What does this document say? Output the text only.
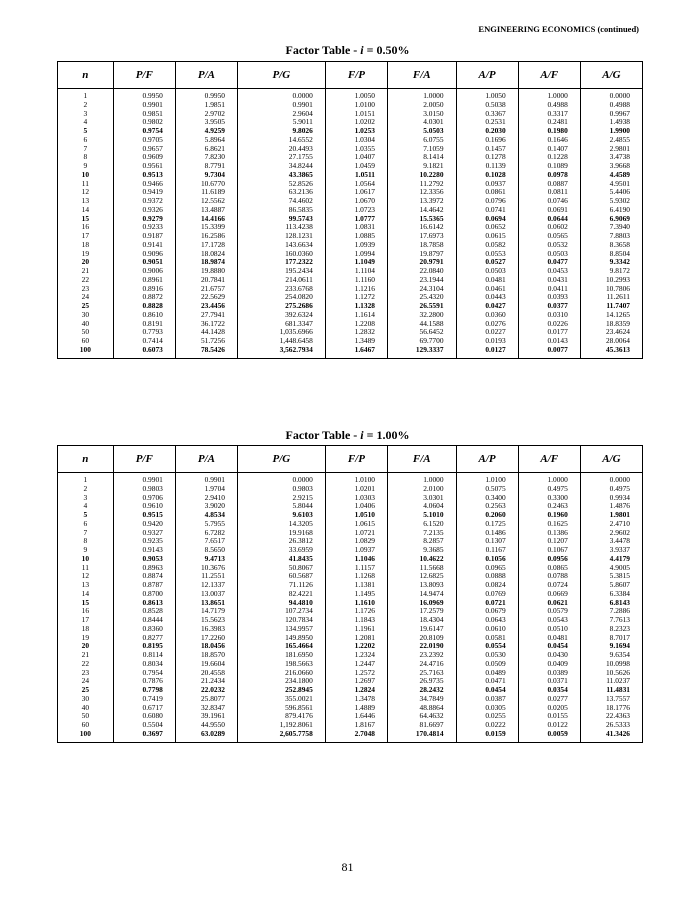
ENGINEERING ECONOMICS (continued)
Factor Table - i = 0.50%
n	P/F	P/A	P/G	F/P	F/A	A/P	A/F	A/G
1	0.9950	0.9950	0.0000	1.0050	1.0000	1.0050	1.0000	0.0000
2	0.9901	1.9851	0.9901	1.0100	2.0050	0.5038	0.4988	0.4988
3	0.9851	2.9702	2.9604	1.0151	3.0150	0.3367	0.3317	0.9967
4	0.9802	3.9505	5.9011	1.0202	4.0301	0.2531	0.2481	1.4938
5	0.9754	4.9259	9.8026	1.0253	5.0503	0.2030	0.1980	1.9900
6	0.9705	5.8964	14.6552	1.0304	6.0755	0.1696	0.1646	2.4855
7	0.9657	6.8621	20.4493	1.0355	7.1059	0.1457	0.1407	2.9801
8	0.9609	7.8230	27.1755	1.0407	8.1414	0.1278	0.1228	3.4738
9	0.9561	8.7791	34.8244	1.0459	9.1821	0.1139	0.1089	3.9668
10	0.9513	9.7304	43.3865	1.0511	10.2280	0.1028	0.0978	4.4589
11	0.9466	10.6770	52.8526	1.0564	11.2792	0.0937	0.0887	4.9501
12	0.9419	11.6189	63.2136	1.0617	12.3356	0.0861	0.0811	5.4406
13	0.9372	12.5562	74.4602	1.0670	13.3972	0.0796	0.0746	5.9302
14	0.9326	13.4887	86.5835	1.0723	14.4642	0.0741	0.0691	6.4190
15	0.9279	14.4166	99.5743	1.0777	15.5365	0.0694	0.0644	6.9069
16	0.9233	15.3399	113.4238	1.0831	16.6142	0.0652	0.0602	7.3940
17	0.9187	16.2586	128.1231	1.0885	17.6973	0.0615	0.0565	7.8803
18	0.9141	17.1728	143.6634	1.0939	18.7858	0.0582	0.0532	8.3658
19	0.9096	18.0824	160.0360	1.0994	19.8797	0.0553	0.0503	8.8504
20	0.9051	18.9874	177.2322	1.1049	20.9791	0.0527	0.0477	9.3342
21	0.9006	19.8880	195.2434	1.1104	22.0840	0.0503	0.0453	9.8172
22	0.8961	20.7841	214.0611	1.1160	23.1944	0.0481	0.0431	10.2993
23	0.8916	21.6757	233.6768	1.1216	24.3104	0.0461	0.0411	10.7806
24	0.8872	22.5629	254.0820	1.1272	25.4320	0.0443	0.0393	11.2611
25	0.8828	23.4456	275.2686	1.1328	26.5591	0.0427	0.0377	11.7407
30	0.8610	27.7941	392.6324	1.1614	32.2800	0.0360	0.0310	14.1265
40	0.8191	36.1722	681.3347	1.2208	44.1588	0.0276	0.0226	18.8359
50	0.7793	44.1428	1,035.6966	1.2832	56.6452	0.0227	0.0177	23.4624
60	0.7414	51.7256	1,448.6458	1.3489	69.7700	0.0193	0.0143	28.0064
100	0.6073	78.5426	3,562.7934	1.6467	129.3337	0.0127	0.0077	45.3613
Factor Table - i = 1.00%
n	P/F	P/A	P/G	F/P	F/A	A/P	A/F	A/G
1	0.9901	0.9901	0.0000	1.0100	1.0000	1.0100	1.0000	0.0000
2	0.9803	1.9704	0.9803	1.0201	2.0100	0.5075	0.4975	0.4975
3	0.9706	2.9410	2.9215	1.0303	3.0301	0.3400	0.3300	0.9934
4	0.9610	3.9020	5.8044	1.0406	4.0604	0.2563	0.2463	1.4876
5	0.9515	4.8534	9.6103	1.0510	5.1010	0.2060	0.1960	1.9801
6	0.9420	5.7955	14.3205	1.0615	6.1520	0.1725	0.1625	2.4710
7	0.9327	6.7282	19.9168	1.0721	7.2135	0.1486	0.1386	2.9602
8	0.9235	7.6517	26.3812	1.0829	8.2857	0.1307	0.1207	3.4478
9	0.9143	8.5650	33.6959	1.0937	9.3685	0.1167	0.1067	3.9337
10	0.9053	9.4713	41.8435	1.1046	10.4622	0.1056	0.0956	4.4179
11	0.8963	10.3676	50.8067	1.1157	11.5668	0.0965	0.0865	4.9005
12	0.8874	11.2551	60.5687	1.1268	12.6825	0.0888	0.0788	5.3815
13	0.8787	12.1337	71.1126	1.1381	13.8093	0.0824	0.0724	5.8607
14	0.8700	13.0037	82.4221	1.1495	14.9474	0.0769	0.0669	6.3384
15	0.8613	13.8651	94.4810	1.1610	16.0969	0.0721	0.0621	6.8143
16	0.8528	14.7179	107.2734	1.1726	17.2579	0.0679	0.0579	7.2886
17	0.8444	15.5623	120.7834	1.1843	18.4304	0.0643	0.0543	7.7613
18	0.8360	16.3983	134.9957	1.1961	19.6147	0.0610	0.0510	8.2323
19	0.8277	17.2260	149.8950	1.2081	20.8109	0.0581	0.0481	8.7017
20	0.8195	18.0456	165.4664	1.2202	22.0190	0.0554	0.0454	9.1694
21	0.8114	18.8570	181.6950	1.2324	23.2392	0.0530	0.0430	9.6354
22	0.8034	19.6604	198.5663	1.2447	24.4716	0.0509	0.0409	10.0998
23	0.7954	20.4558	216.0660	1.2572	25.7163	0.0489	0.0389	10.5626
24	0.7876	21.2434	234.1800	1.2697	26.9735	0.0471	0.0371	11.0237
25	0.7798	22.0232	252.8945	1.2824	28.2432	0.0454	0.0354	11.4831
30	0.7419	25.8077	355.0021	1.3478	34.7849	0.0387	0.0277	13.7557
40	0.6717	32.8347	596.8561	1.4889	48.8864	0.0305	0.0205	18.1776
50	0.6080	39.1961	879.4176	1.6446	64.4632	0.0255	0.0155	22.4363
60	0.5504	44.9550	1,192.8061	1.8167	81.6697	0.0222	0.0122	26.5333
100	0.3697	63.0289	2,605.7758	2.7048	170.4814	0.0159	0.0059	41.3426
81
